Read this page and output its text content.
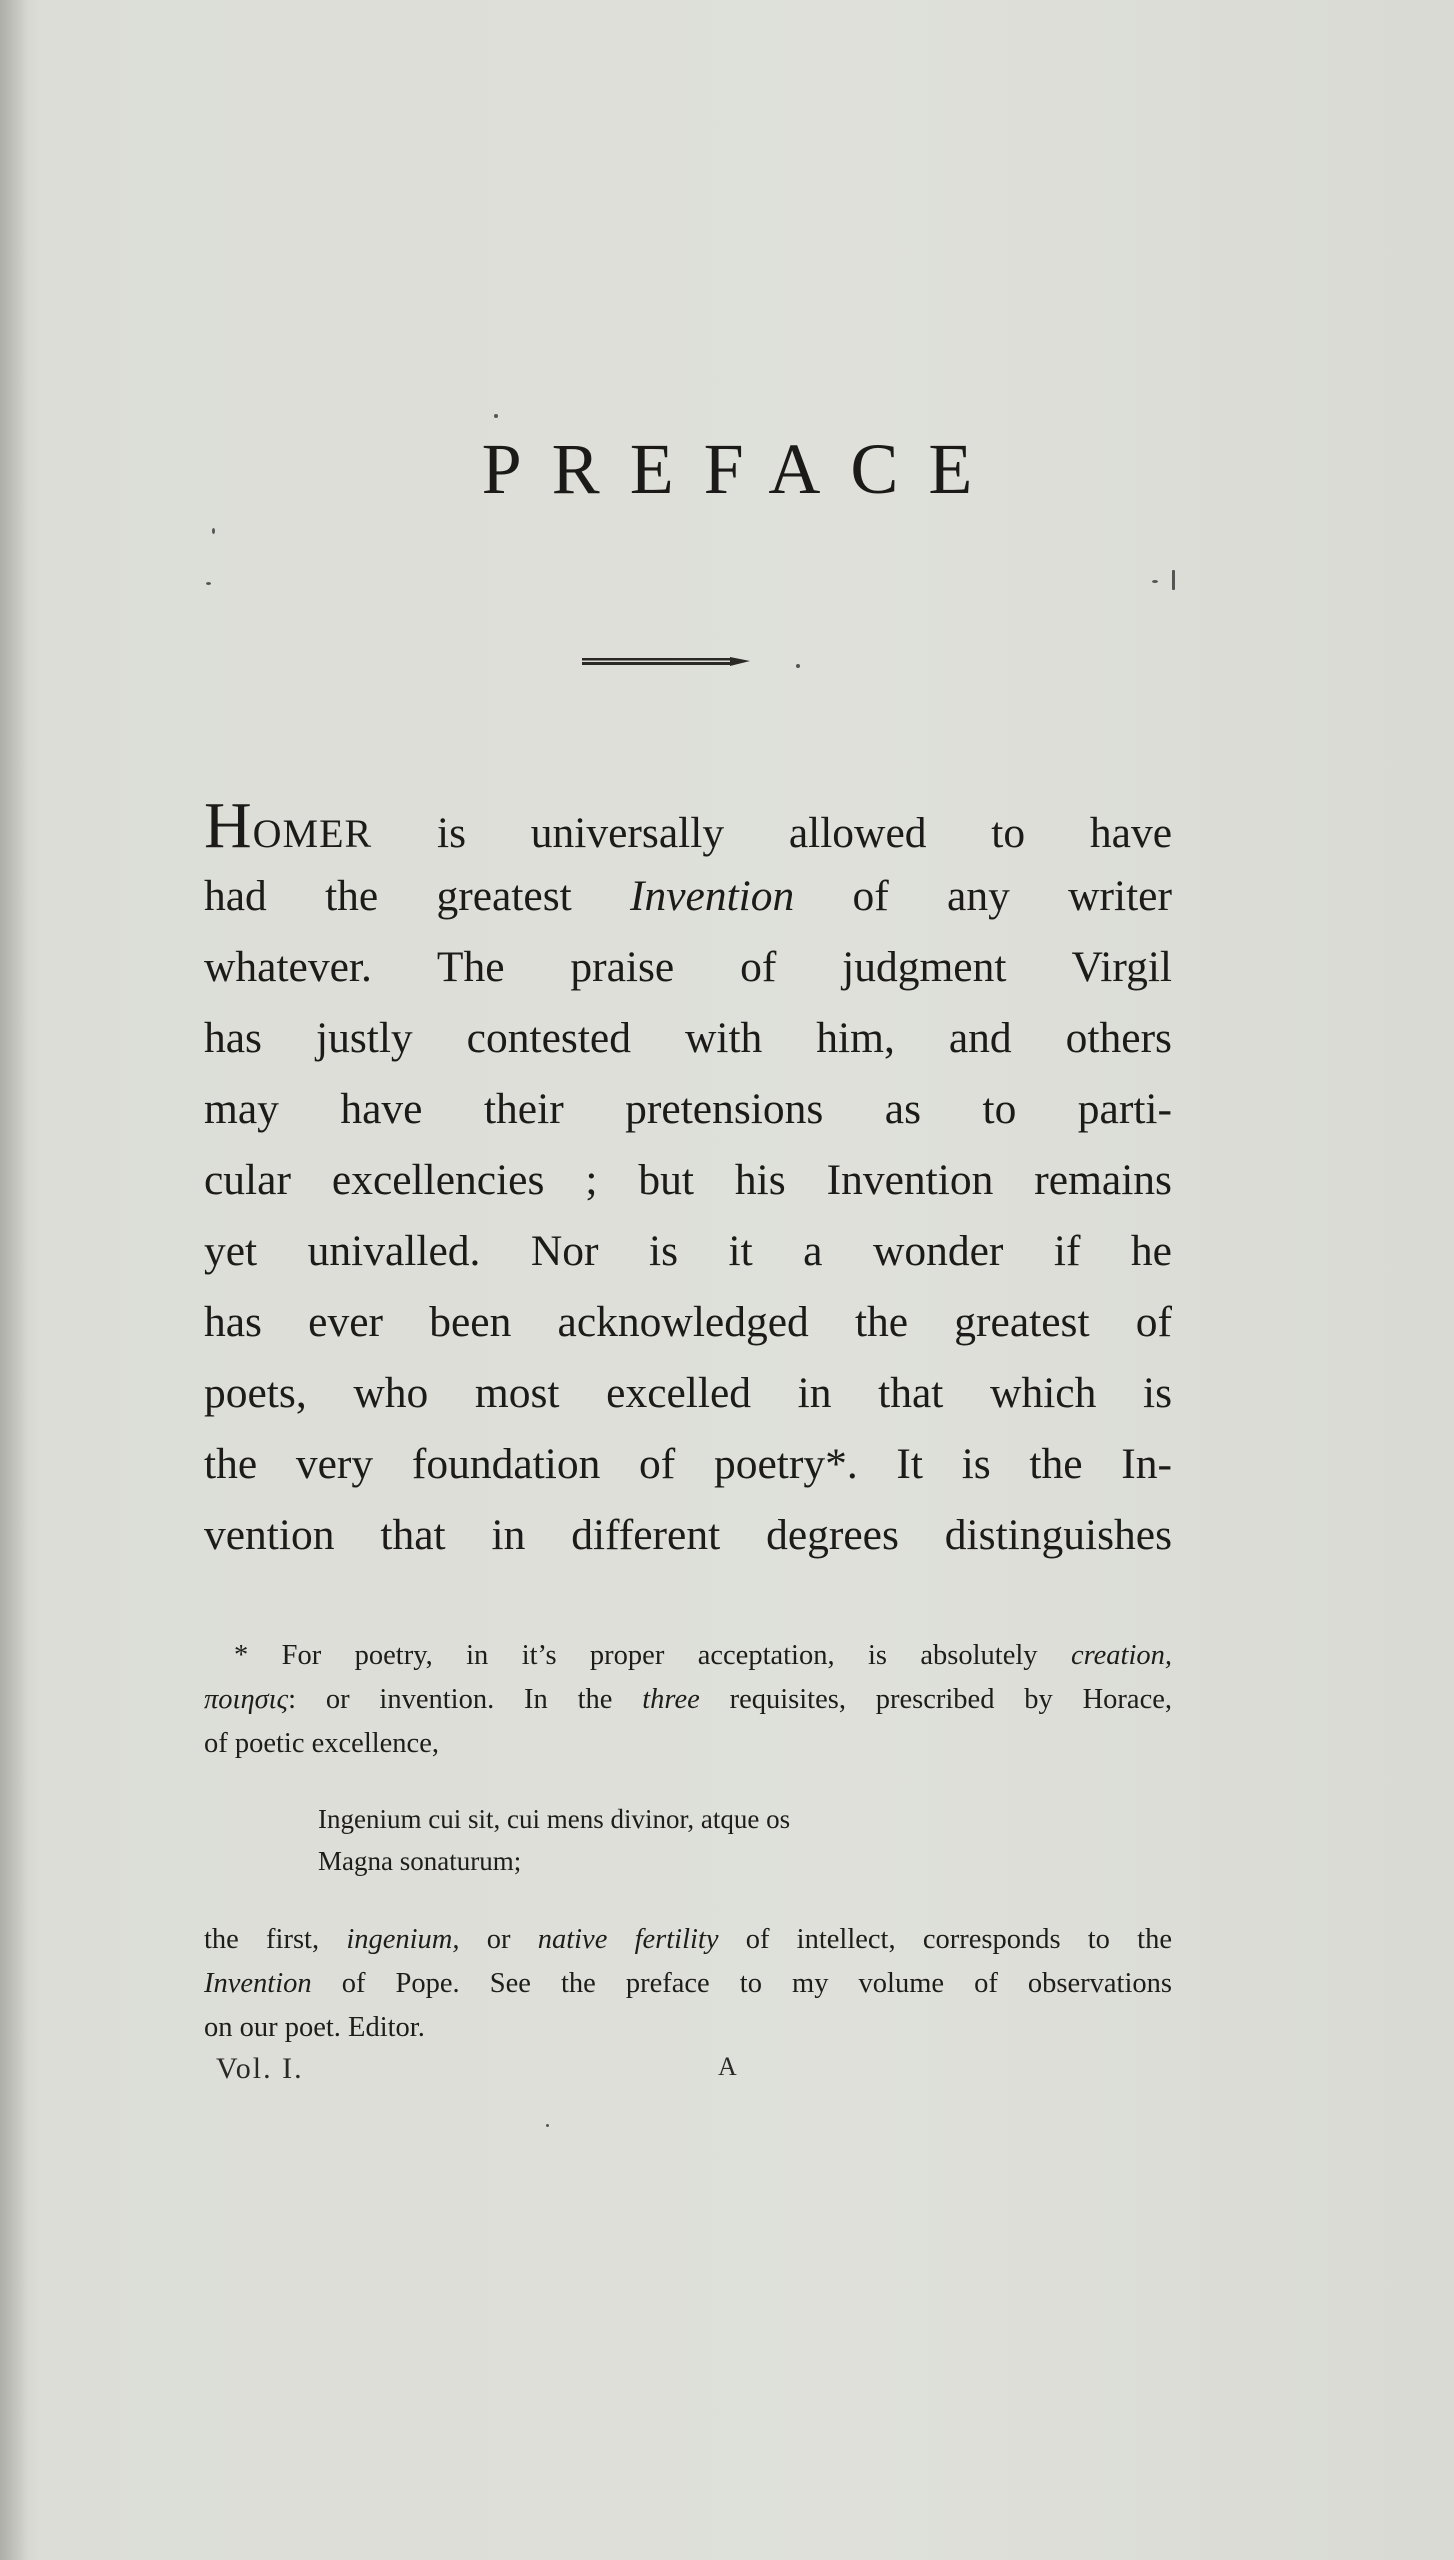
PREFACE
HOMER is universally allowed to have
had the greatest Invention of any writer
whatever. The praise of judgment Virgil
has justly contested with him, and others
may have their pretensions as to parti-
cular excellencies ; but his Invention remains
yet univalled. Nor is it a wonder if he
has ever been acknowledged the greatest of
poets, who most excelled in that which is
the very foundation of poetry*. It is the In-
vention that in different degrees distinguishes
* For poetry, in it’s proper acceptation, is absolutely creation,
ποιησις: or invention. In the three requisites, prescribed by Horace,
of poetic excellence,
Ingenium cui sit, cui mens divinor, atque os
Magna sonaturum;
the first, ingenium, or native fertility of intellect, corresponds to the
Invention of Pope. See the preface to my volume of observations
on our poet. Editor.
Vol. I.	A
